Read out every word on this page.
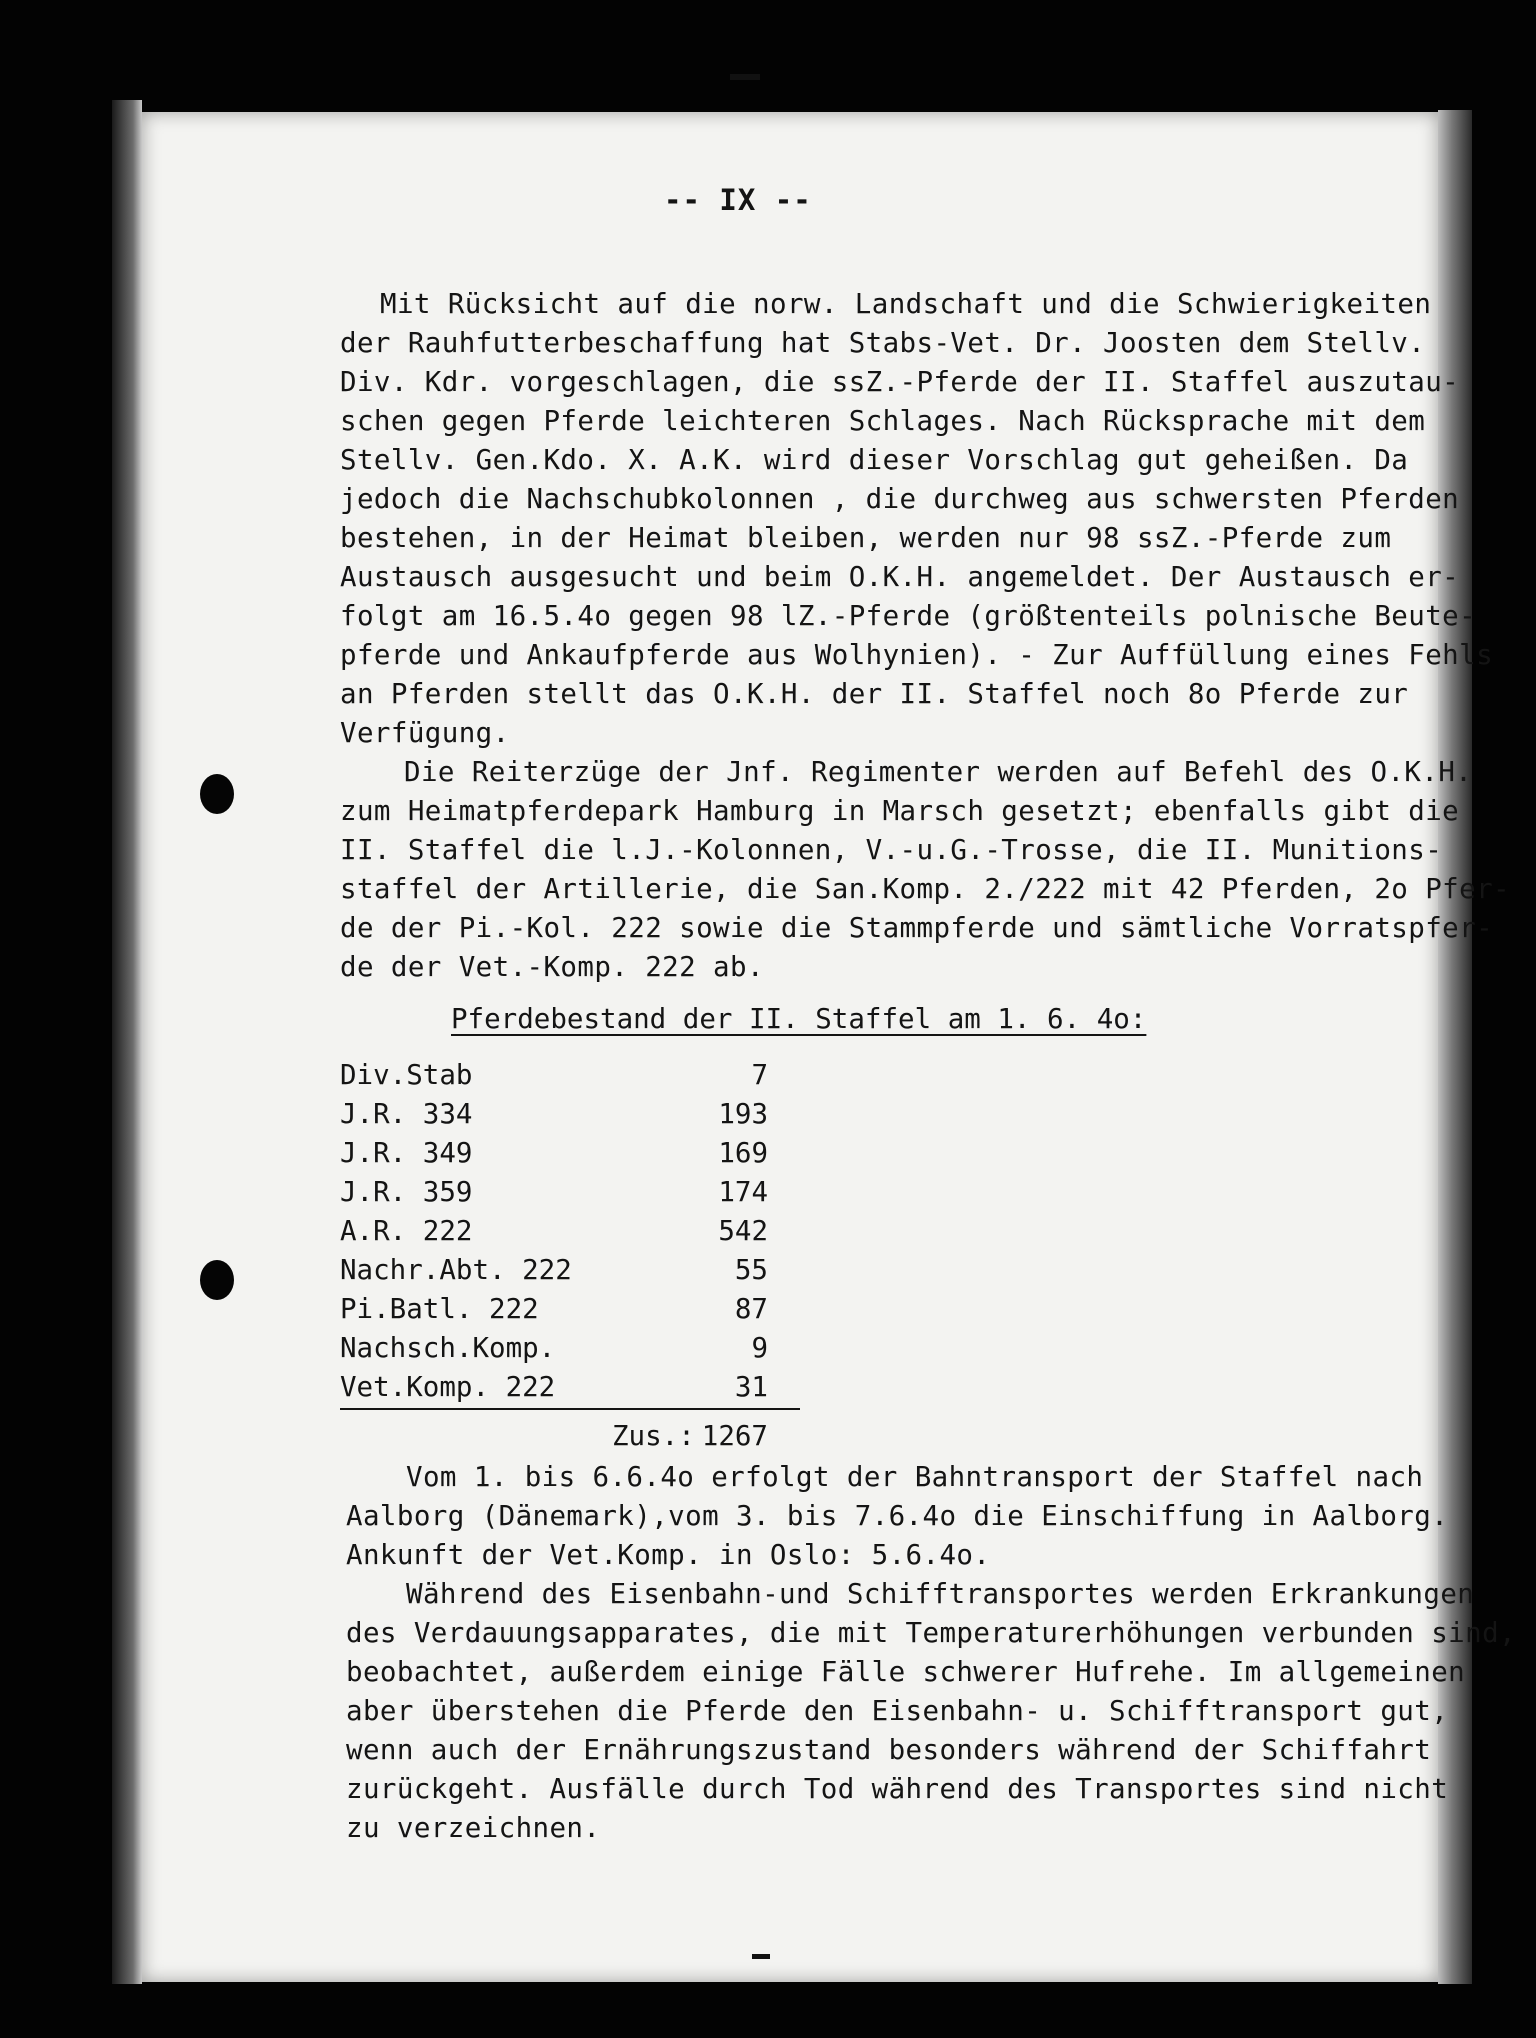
-- IX --
Mit Rücksicht auf die norw. Landschaft und die Schwierigkeiten
der Rauhfutterbeschaffung hat Stabs-Vet. Dr. Joosten dem Stellv.
Div. Kdr. vorgeschlagen, die ssZ.-Pferde der II. Staffel auszutau-
schen gegen Pferde leichteren Schlages. Nach Rücksprache mit dem
Stellv. Gen.Kdo. X. A.K. wird dieser Vorschlag gut geheißen. Da
jedoch die Nachschubkolonnen , die durchweg aus schwersten Pferden
bestehen, in der Heimat bleiben, werden nur 98 ssZ.-Pferde zum
Austausch ausgesucht und beim O.K.H. angemeldet. Der Austausch er-
folgt am 16.5.4o gegen 98 lZ.-Pferde (größtenteils polnische Beute-
pferde und Ankaufpferde aus Wolhynien). - Zur Auffüllung eines Fehls
an Pferden stellt das O.K.H. der II. Staffel noch 8o Pferde zur
Verfügung.
Die Reiterzüge der Jnf. Regimenter werden auf Befehl des O.K.H.
zum Heimatpferdepark Hamburg in Marsch gesetzt; ebenfalls gibt die
II. Staffel die l.J.-Kolonnen, V.-u.G.-Trosse, die II. Munitions-
staffel der Artillerie, die San.Komp. 2./222 mit 42 Pferden, 2o Pfer-
de der Pi.-Kol. 222 sowie die Stammpferde und sämtliche Vorratspfer-
de der Vet.-Komp. 222 ab.
Pferdebestand der II. Staffel am 1. 6. 4o:
Div.Stab	7
J.R. 334	193
J.R. 349	169
J.R. 359	174
A.R. 222	542
Nachr.Abt. 222	55
Pi.Batl. 222	87
Nachsch.Komp.	9
Vet.Komp. 222	31
Zus.: 1267
Vom 1. bis 6.6.4o erfolgt der Bahntransport der Staffel nach
Aalborg (Dänemark),vom 3. bis 7.6.4o die Einschiffung in Aalborg.
Ankunft der Vet.Komp. in Oslo: 5.6.4o.
Während des Eisenbahn-und Schifftransportes werden Erkrankungen
des Verdauungsapparates, die mit Temperaturerhöhungen verbunden sind,
beobachtet, außerdem einige Fälle schwerer Hufrehe. Im allgemeinen
aber überstehen die Pferde den Eisenbahn- u. Schifftransport gut,
wenn auch der Ernährungszustand besonders während der Schiffahrt
zurückgeht. Ausfälle durch Tod während des Transportes sind nicht
zu verzeichnen.
